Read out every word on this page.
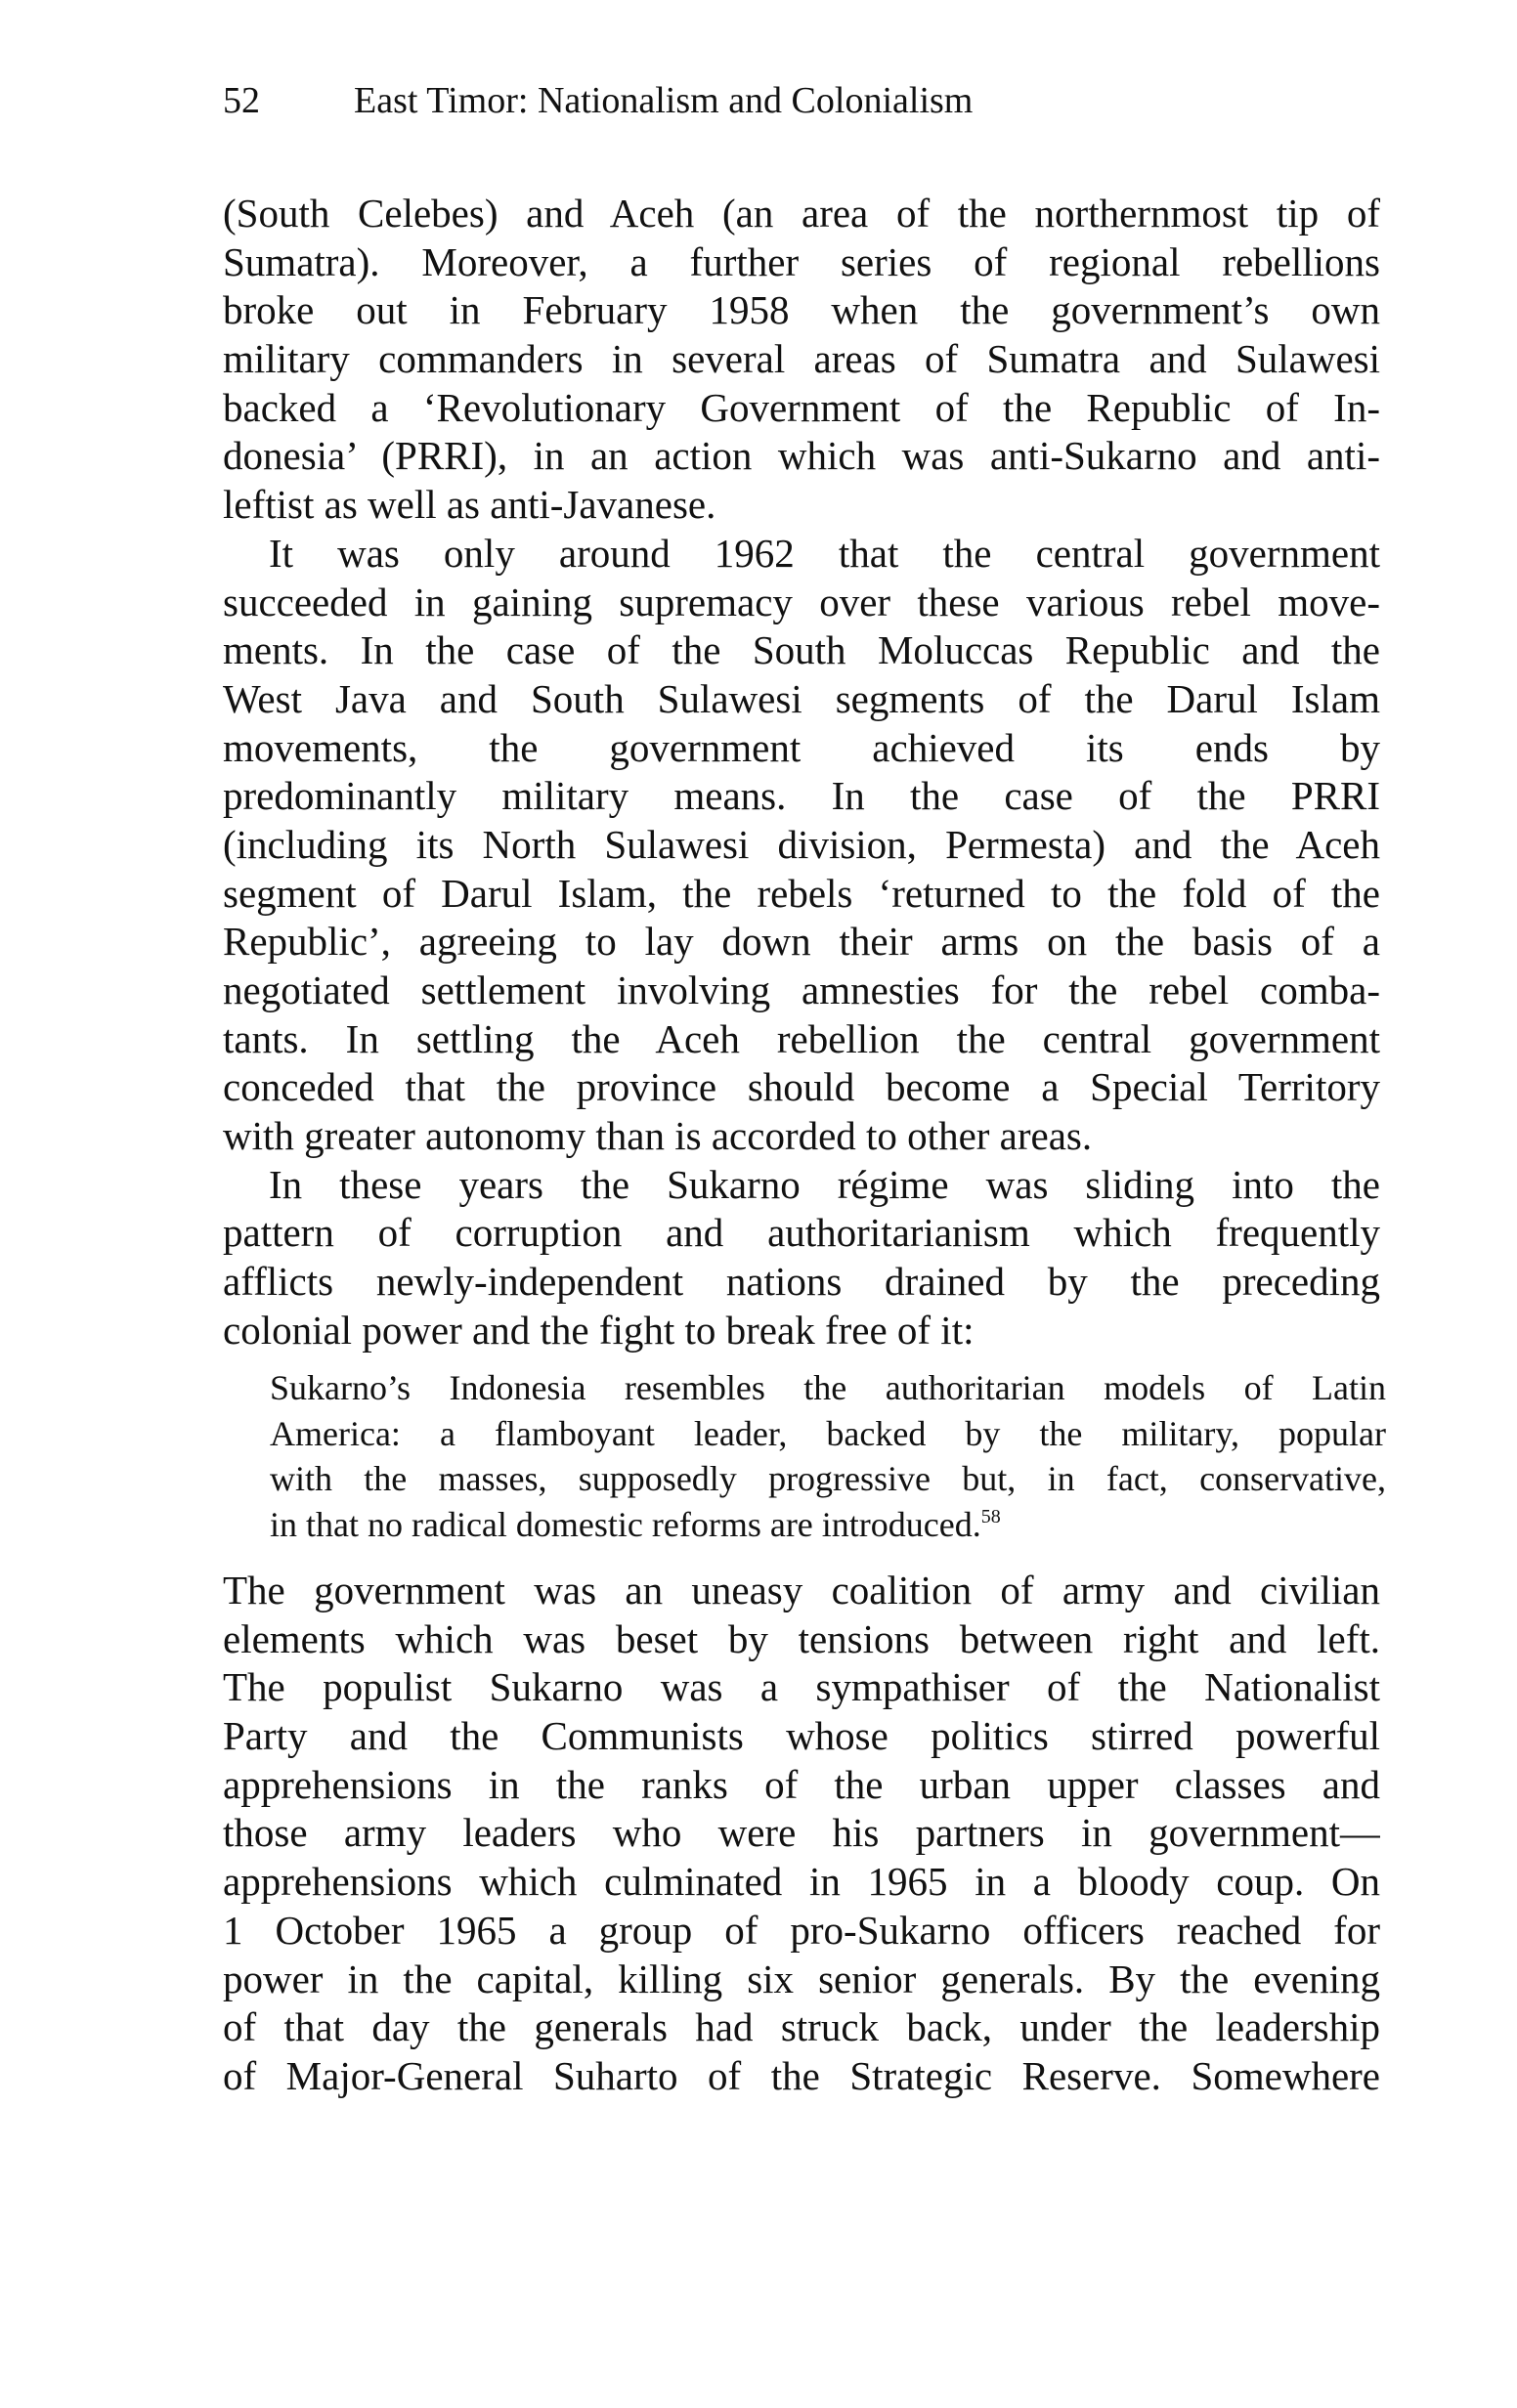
52	East Timor: Nationalism and Colonialism
(South Celebes) and Aceh (an area of the northernmost tip of
Sumatra). Moreover, a further series of regional rebellions
broke out in February 1958 when the government’s own
military commanders in several areas of Sumatra and Sulawesi
backed a ‘Revolutionary Government of the Republic of In-
donesia’ (PRRI), in an action which was anti-Sukarno and anti-
leftist as well as anti-Javanese.
It was only around 1962 that the central government
succeeded in gaining supremacy over these various rebel move-
ments. In the case of the South Moluccas Republic and the
West Java and South Sulawesi segments of the Darul Islam
movements, the government achieved its ends by
predominantly military means. In the case of the PRRI
(including its North Sulawesi division, Permesta) and the Aceh
segment of Darul Islam, the rebels ‘returned to the fold of the
Republic’, agreeing to lay down their arms on the basis of a
negotiated settlement involving amnesties for the rebel comba-
tants. In settling the Aceh rebellion the central government
conceded that the province should become a Special Territory
with greater autonomy than is accorded to other areas.
In these years the Sukarno régime was sliding into the
pattern of corruption and authoritarianism which frequently
afflicts newly-independent nations drained by the preceding
colonial power and the fight to break free of it:
Sukarno’s Indonesia resembles the authoritarian models of Latin
America: a flamboyant leader, backed by the military, popular
with the masses, supposedly progressive but, in fact, conservative,
in that no radical domestic reforms are introduced.$^{58}$
The government was an uneasy coalition of army and civilian
elements which was beset by tensions between right and left.
The populist Sukarno was a sympathiser of the Nationalist
Party and the Communists whose politics stirred powerful
apprehensions in the ranks of the urban upper classes and
those army leaders who were his partners in government—
apprehensions which culminated in 1965 in a bloody coup. On
1 October 1965 a group of pro-Sukarno officers reached for
power in the capital, killing six senior generals. By the evening
of that day the generals had struck back, under the leadership
of Major-General Suharto of the Strategic Reserve. Somewhere
